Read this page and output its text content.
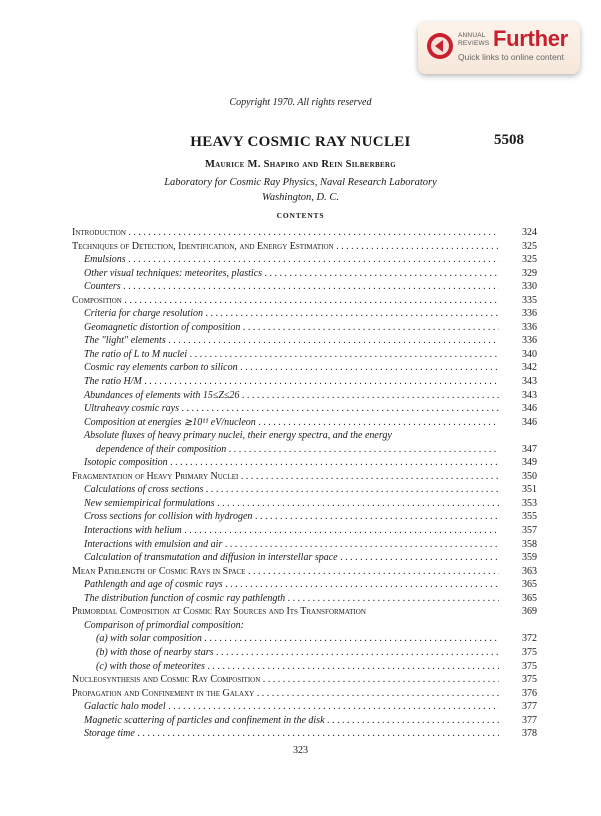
ANNUAL
REVIEWS Further
Quick links to online content
Copyright 1970. All rights reserved
HEAVY COSMIC RAY NUCLEI	5508
Maurice M. Shapiro and Rein Silberberg
Laboratory for Cosmic Ray Physics, Naval Research Laboratory
Washington, D. C.
CONTENTS
Introduction . . .	324
Techniques of Detection, Identification, and Energy Estimation . . .	325
Emulsions . . .	325
Other visual techniques: meteorites, plastics . . .	329
Counters . . .	330
Composition . . .	335
Criteria for charge resolution . . .	336
Geomagnetic distortion of composition . . .	336
The "light" elements . . .	336
The ratio of L to M nuclei . . .	340
Cosmic ray elements carbon to silicon . . .	342
The ratio H/M . . .	343
Abundances of elements with 15≤Z≤26 . . .	343
Ultraheavy cosmic rays . . .	346
Composition at energies ≳10¹¹ eV/nucleon . . .	346
Absolute fluxes of heavy primary nuclei, their energy spectra, and the energy
dependence of their composition . . .	347
Isotopic composition . . .	349
Fragmentation of Heavy Primary Nuclei . . .	350
Calculations of cross sections . . .	351
New semiempirical formulations . . .	353
Cross sections for collision with hydrogen . . .	355
Interactions with helium . . .	357
Interactions with emulsion and air . . .	358
Calculation of transmutation and diffusion in interstellar space . . .	359
Mean Pathlength of Cosmic Rays in Space . . .	363
Pathlength and age of cosmic rays . . .	365
The distribution function of cosmic ray pathlength . . .	365
Primordial Composition at Cosmic Ray Sources and Its Transformation	369
Comparison of primordial composition:
(a) with solar composition . . .	372
(b) with those of nearby stars . . .	375
(c) with those of meteorites . . .	375
Nucleosynthesis and Cosmic Ray Composition . . .	375
Propagation and Confinement in the Galaxy . . .	376
Galactic halo model . . .	377
Magnetic scattering of particles and confinement in the disk . . .	377
Storage time . . .	378
323
